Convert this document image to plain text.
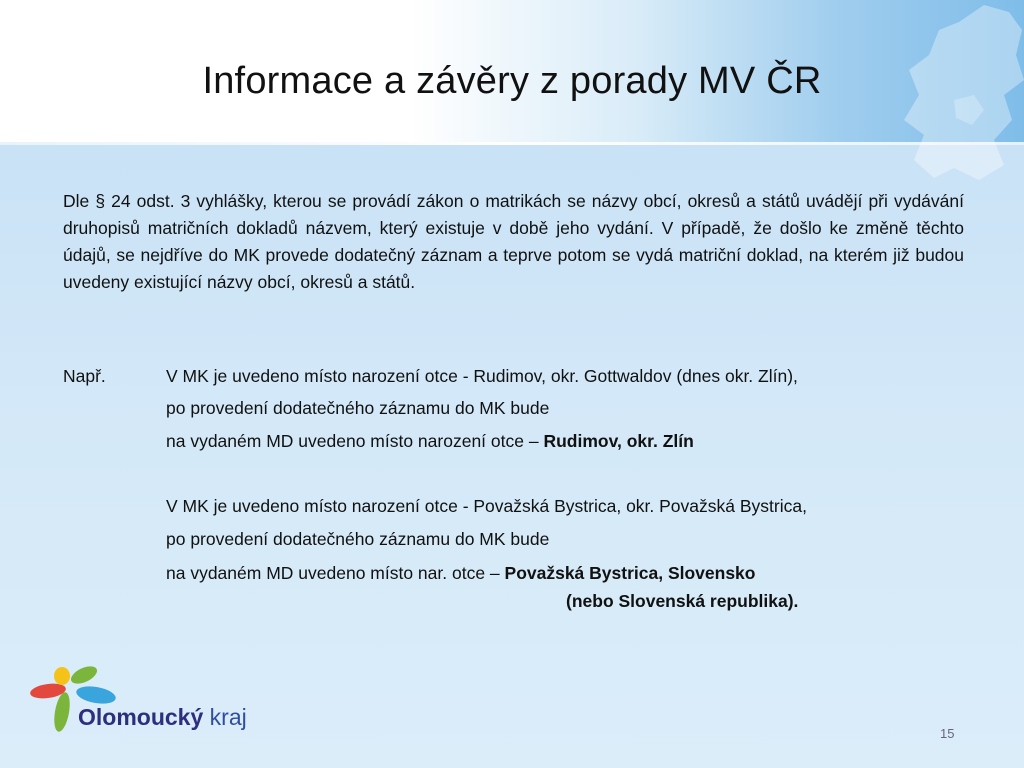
Informace a závěry z porady MV ČR
Dle § 24 odst. 3 vyhlášky, kterou se provádí zákon o matrikách se názvy obcí, okresů a států uvádějí při vydávání druhopisů matričních dokladů názvem, který existuje v době jeho vydání. V případě, že došlo ke změně těchto údajů, se nejdříve do MK provede dodatečný záznam a teprve potom se vydá matriční doklad, na kterém již budou uvedeny existující názvy obcí, okresů a států.
Např.	V MK je uvedeno místo narození otce - Rudimov, okr. Gottwaldov (dnes okr. Zlín),
po provedení dodatečného záznamu do MK bude
na vydaném MD uvedeno místo narození otce – Rudimov, okr. Zlín
V MK je uvedeno místo narození otce - Považská Bystrica, okr. Považská Bystrica,
po provedení dodatečného záznamu do MK bude
na vydaném MD uvedeno místo nar. otce – Považská Bystrica, Slovensko
(nebo Slovenská republika).
Olomoucký kraj
15
